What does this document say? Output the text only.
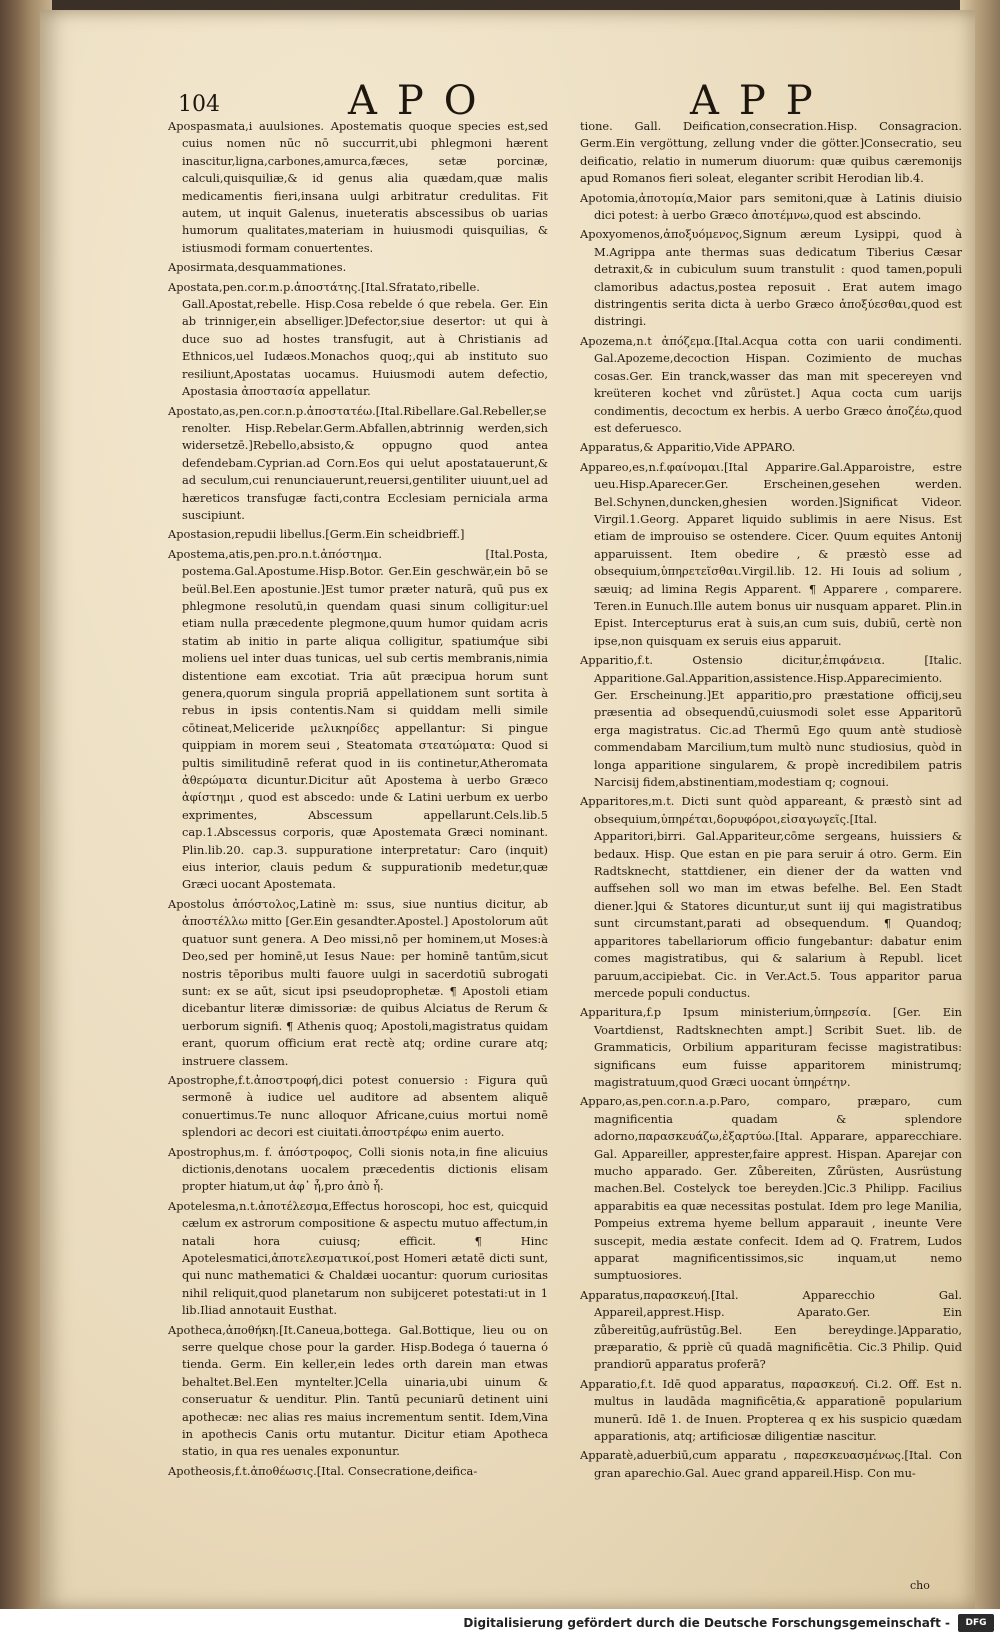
104	APO	APP

Apospasmata,i auulsiones. Apostematis quoque species est,sed cuius nomen nūc nō succurrit,ubi phlegmoni hærent inascitur,ligna,carbones,amurca,fæces, setæ porcinæ, calculi,quisquiliæ,& id genus alia quædam,quæ malis medicamentis fieri,insana uulgi arbitratur credulitas. Fit autem, ut inquit Galenus, inueteratis abscessibus ob uarias humorum qualitates,materiam in huiusmodi quisquilias, & istiusmodi formam conuertentes.

Aposirmata,desquammationes.

Apostata,pen.cor.m.p.ἀποστάτης.[Ital.Sfratato,ribelle. Gall.Apostat,rebelle. Hisp.Cosa rebelde ó que rebela. Ger. Ein ab trinniger,ein abselliger.]Defector,siue desertor: ut qui à duce suo ad hostes transfugit, aut à Christianis ad Ethnicos,uel Iudæos.Monachos quoq;,qui ab instituto suo resiliunt,Apostatas uocamus. Huiusmodi autem defectio, Apostasia ἀποστασία appellatur.

Apostato,as,pen.cor.n.p.ἀποστατέω.[Ital.Ribellare.Gal.Rebeller,se renolter. Hisp.Rebelar.Germ.Abfallen,abtrinnig werden,sich widersetzē.]Rebello,absisto,& oppugno quod antea defendebam.Cyprian.ad Corn.Eos qui uelut apostatauerunt,& ad seculum,cui renunciauerunt,reuersi,gentiliter uiuunt,uel ad hæreticos transfugæ facti,contra Ecclesiam perniciala arma suscipiunt.

Apostasion,repudii libellus.[Germ.Ein scheidbrieff.]

Apostema,atis,pen.pro.n.t.ἀπόστημα. [Ital.Posta, postema.Gal.Apostume.Hisp.Botor. Ger.Ein geschwär,ein bō se beül.Bel.Een apostunie.]Est tumor præter naturā, quū pus ex phlegmone resolutū,in quendam quasi sinum colligitur:uel etiam nulla præcedente plegmone,quum humor quidam acris statim ab initio in parte aliqua colligitur, spatiumq́ue sibi moliens uel inter duas tunicas, uel sub certis membranis,nimia distentione eam excotiat. Tria aūt præcipua horum sunt genera,quorum singula propriā appellationem sunt sortita à rebus in ipsis contentis.Nam si quiddam melli simile cōtineat,Meliceride μελικηρίδες appellantur: Si pingue quippiam in morem seui , Steatomata στεατώματα: Quod si pultis similitudinē referat quod in iis continetur,Atheromata ἀθερώματα dicuntur.Dicitur aūt Apostema à uerbo Græco ἀφίστημι , quod est abscedo: unde & Latini uerbum ex uerbo exprimentes, Abscessum appellarunt.Cels.lib.5 cap.1.Abscessus corporis, quæ Apostemata Græci nominant. Plin.lib.20. cap.3. suppuratione interpretatur: Caro (inquit) eius interior, clauis pedum & suppurationib medetur,quæ Græci uocant Apostemata.

Apostolus ἀπόστολος,Latinè m: ssus, siue nuntius dicitur, ab ἀποστέλλω mitto [Ger.Ein gesandter.Apostel.] Apostolorum aūt quatuor sunt genera. A Deo missi,nō per hominem,ut Moses:à Deo,sed per hominē,ut Iesus Naue: per hominē tantūm,sicut nostris tēporibus multi fauore uulgi in sacerdotiū subrogati sunt: ex se aūt, sicut ipsi pseudoprophetæ. ¶ Apostoli etiam dicebantur literæ dimissoriæ: de quibus Alciatus de Rerum & uerborum signifi. ¶ Athenis quoq; Apostoli,magistratus quidam erant, quorum officium erat rectè atq; ordine curare atq; instruere classem.

Apostrophe,f.t.ἀποστροφή,dici potest conuersio : Figura quū sermonē à iudice uel auditore ad absentem aliquē conuertimus.Te nunc alloquor Africane,cuius mortui nomē splendori ac decori est ciuitati.ἀποστρέφω enim auerto.

Apostrophus,m. f. ἀπόστροφος, Colli sionis nota,in fine alicuius dictionis,denotans uocalem præcedentis dictionis elisam propter hiatum,ut ἀφ᾽ ἧ,pro ἀπὸ ἧ.

Apotelesma,n.t.ἀποτέλεσμα,Effectus horoscopi, hoc est, quicquid cælum ex astrorum compositione & aspectu mutuo affectum,in natali hora cuiusq; efficit. ¶ Hinc Apotelesmatici,ἀποτελεσματικοί,post Homeri ætatē dicti sunt, qui nunc mathematici & Chaldæi uocantur: quorum curiositas nihil reliquit,quod planetarum non subijceret potestati:ut in 1 lib.Iliad annotauit Eusthat.

Apotheca,ἀποθήκη.[It.Caneua,bottega. Gal.Bottique, lieu ou on serre quelque chose pour la garder. Hisp.Bodega ó tauerna ó tienda. Germ. Ein keller,ein ledes orth darein man etwas behaltet.Bel.Een myntelter.]Cella uinaria,ubi uinum & conseruatur & uenditur. Plin. Tantū pecuniarū detinent uini apothecæ: nec alias res maius incrementum sentit. Idem,Vina in apothecis Canis ortu mutantur. Dicitur etiam Apotheca statio, in qua res uenales exponuntur.

Apotheosis,f.t.ἀποθέωσις.[Ital. Consecratione,deifica-

tione. Gall. Deification,consecration.Hisp. Consagracion. Germ.Ein vergöttung, zellung vnder die götter.]Consecratio, seu deificatio, relatio in numerum diuorum: quæ quibus cæremonijs apud Romanos fieri soleat, eleganter scribit Herodian lib.4.

Apotomia,ἀποτομία,Maior pars semitoni,quæ à Latinis diuisio dici potest: à uerbo Græco ἀποτέμνω,quod est abscindo.

Apoxyomenos,ἀποξυόμενος,Signum æreum Lysippi, quod à M.Agrippa ante thermas suas dedicatum Tiberius Cæsar detraxit,& in cubiculum suum transtulit : quod tamen,populi clamoribus adactus,postea reposuit . Erat autem imago distringentis serita dicta à uerbo Græco ἀποξύεσθαι,quod est distringi.

Apozema,n.t ἀπόζεμα.[Ital.Acqua cotta con uarii condimenti. Gal.Apozeme,decoction Hispan. Cozimiento de muchas cosas.Ger. Ein tranck,wasser das man mit specereyen vnd kreüteren kochet vnd zůrüstet.] Aqua cocta cum uarijs condimentis, decoctum ex herbis. A uerbo Græco ἀποζέω,quod est deferuesco.

Apparatus,& Apparitio,Vide APPARO.

Appareo,es,n.f.φαίνομαι.[Ital Apparire.Gal.Apparoistre, estre ueu.Hisp.Aparecer.Ger. Erscheinen,gesehen werden. Bel.Schynen,duncken,ghesien worden.]Significat Videor. Virgil.1.Georg. Apparet liquido sublimis in aere Nisus. Est etiam de improuiso se ostendere. Cicer. Quum equites Antonij apparuissent. Item obedire , & præstò esse ad obsequium,ὑπηρετεῖσθαι.Virgil.lib. 12. Hi Iouis ad solium , sæuiq; ad limina Regis Apparent. ¶ Apparere , comparere. Teren.in Eunuch.Ille autem bonus uir nusquam apparet. Plin.in Epist. Intercepturus erat à suis,an cum suis, dubiū, certè non ipse,non quisquam ex seruis eius apparuit.

Apparitio,f.t. Ostensio dicitur,ἐπιφάνεια. [Italic. Apparitione.Gal.Apparition,assistence.Hisp.Apparecimiento. Ger. Erscheinung.]Et apparitio,pro præstatione officij,seu præsentia ad obsequendū,cuiusmodi solet esse Apparitorū erga magistratus. Cic.ad Thermū Ego quum antè studiosè commendabam Marcilium,tum multò nunc studiosius, quòd in longa apparitione singularem, & propè incredibilem patris Narcisij fidem,abstinentiam,modestiam q; cognoui.

Apparitores,m.t. Dicti sunt quòd appareant, & præstò sint ad obsequium,ὑπηρέται,δορυφόροι,εἰσαγωγεῖς.[Ital. Apparitori,birri. Gal.Appariteur,cōme sergeans, huissiers & bedaux. Hisp. Que estan en pie para seruir á otro. Germ. Ein Radtsknecht, stattdiener, ein diener der da watten vnd auffsehen soll wo man im etwas befelhe. Bel. Een Stadt diener.]qui & Statores dicuntur,ut sunt iij qui magistratibus sunt circumstant,parati ad obsequendum. ¶ Quandoq; apparitores tabellariorum officio fungebantur: dabatur enim comes magistratibus, qui & salarium à Republ. licet paruum,accipiebat. Cic. in Ver.Act.5. Tous apparitor parua mercede populi conductus.

Apparitura,f.p Ipsum ministerium,ὑπηρεσία. [Ger. Ein Voartdienst, Radtsknechten ampt.] Scribit Suet. lib. de Grammaticis, Orbilium apparituram fecisse magistratibus: significans eum fuisse apparitorem ministrumq; magistratuum,quod Græci uocant ὑπηρέτην.

Apparo,as,pen.cor.n.a.p.Paro, comparo, præparo, cum magnificentia quadam & splendore adorno,παρασκευάζω,ἐξαρτύω.[Ital. Apparare, apparecchiare. Gal. Appareiller, apprester,faire apprest. Hispan. Aparejar con mucho apparado. Ger. Zůbereiten, Zůrüsten, Ausrüstung machen.Bel. Costelyck toe bereyden.]Cic.3 Philipp. Facilius apparabitis ea quæ necessitas postulat. Idem pro lege Manilia, Pompeius extrema hyeme bellum apparauit , ineunte Vere suscepit, media æstate confecit. Idem ad Q. Fratrem, Ludos apparat magnificentissimos,sic inquam,ut nemo sumptuosiores.

Apparatus,παρασκευή.[Ital. Apparecchio Gal. Appareil,apprest.Hisp. Aparato.Ger. Ein zůbereitūg,aufrüstūg.Bel. Een bereydinge.]Apparatio, præparatio, & ppriè cū quadā magnificētia. Cic.3 Philip. Quid prandiorū apparatus proferā?

Apparatio,f.t. Idē quod apparatus, παρασκευή. Ci.2. Off. Est n. multus in laudāda magnificētia,& apparationē popularium munerū. Idē 1. de Inuen. Propterea q ex his suspicio quædam apparationis, atq; artificiosæ diligentiæ nascitur.

Apparatè,aduerbiū,cum apparatu , παρεσκευασμένως.[Ital. Con gran aparechio.Gal. Auec grand appareil.Hisp. Con mu-

cho
Digitalisierung gefördert durch die Deutsche Forschungsgemeinschaft -	DFG
